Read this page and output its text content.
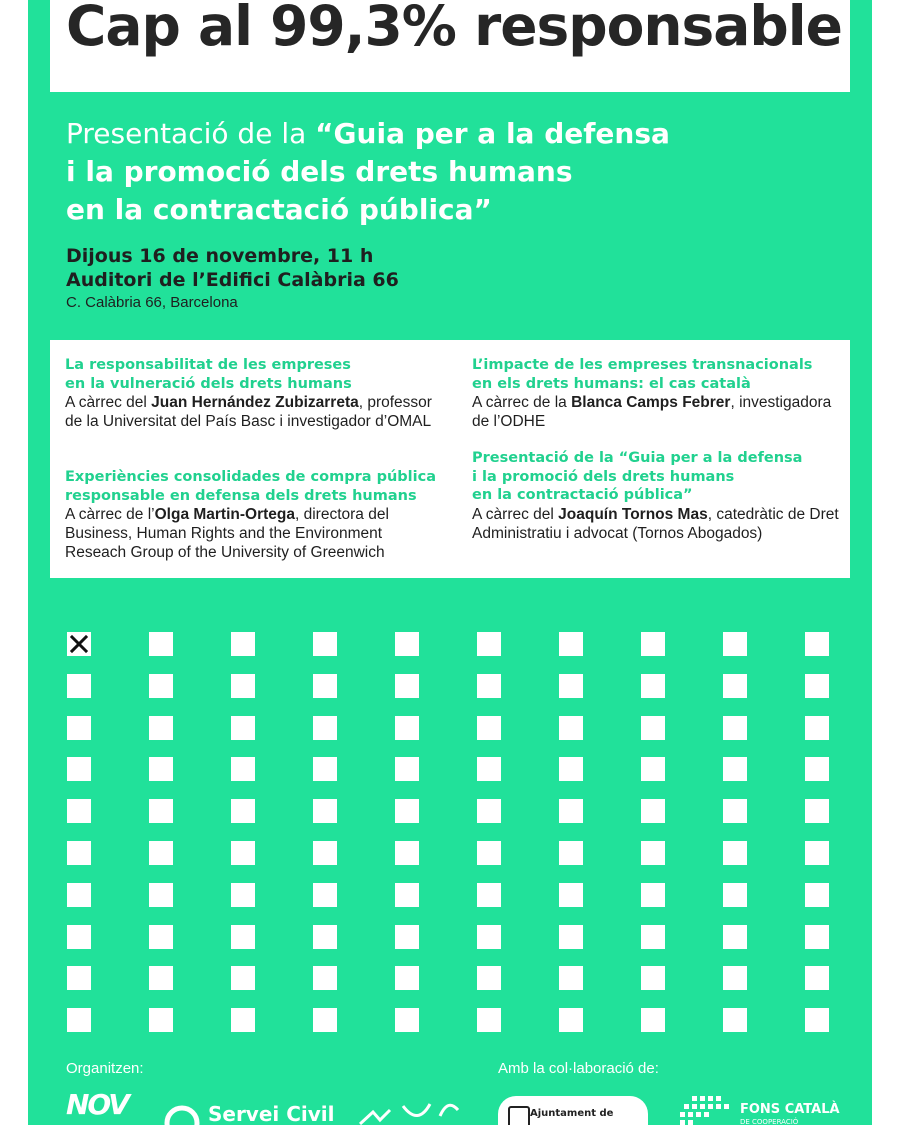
Cap al 99,3% responsable

Presentació de la “Guia per a la defensa
i la promoció dels drets humans
en la contractació pública”

Dijous 16 de novembre, 11 h
Auditori de l’Edifici Calàbria 66
C. Calàbria 66, Barcelona
La responsabilitat de les empreses
en la vulneració dels drets humans
A càrrec del Juan Hernández Zubizarreta, professor de la Universitat del País Basc i investigador d’OMAL
Experiències consolidades de compra pública
responsable en defensa dels drets humans
A càrrec de l’Olga Martin-Ortega, directora del Business, Human Rights and the Environment Reseach Group of the University of Greenwich
L’impacte de les empreses transnacionals
en els drets humans: el cas català
A càrrec de la Blanca Camps Febrer, investigadora de l’ODHE
Presentació de la “Guia per a la defensa
i la promoció dels drets humans
en la contractació pública”
A càrrec del Joaquín Tornos Mas, catedràtic de Dret Administratiu i advocat (Tornos Abogados)
Organitzen:	Amb la col·laboració de:
NOV	Servei Civil	Ajuntament de	FONS CATALÀ
DE COOPERACIÓ
